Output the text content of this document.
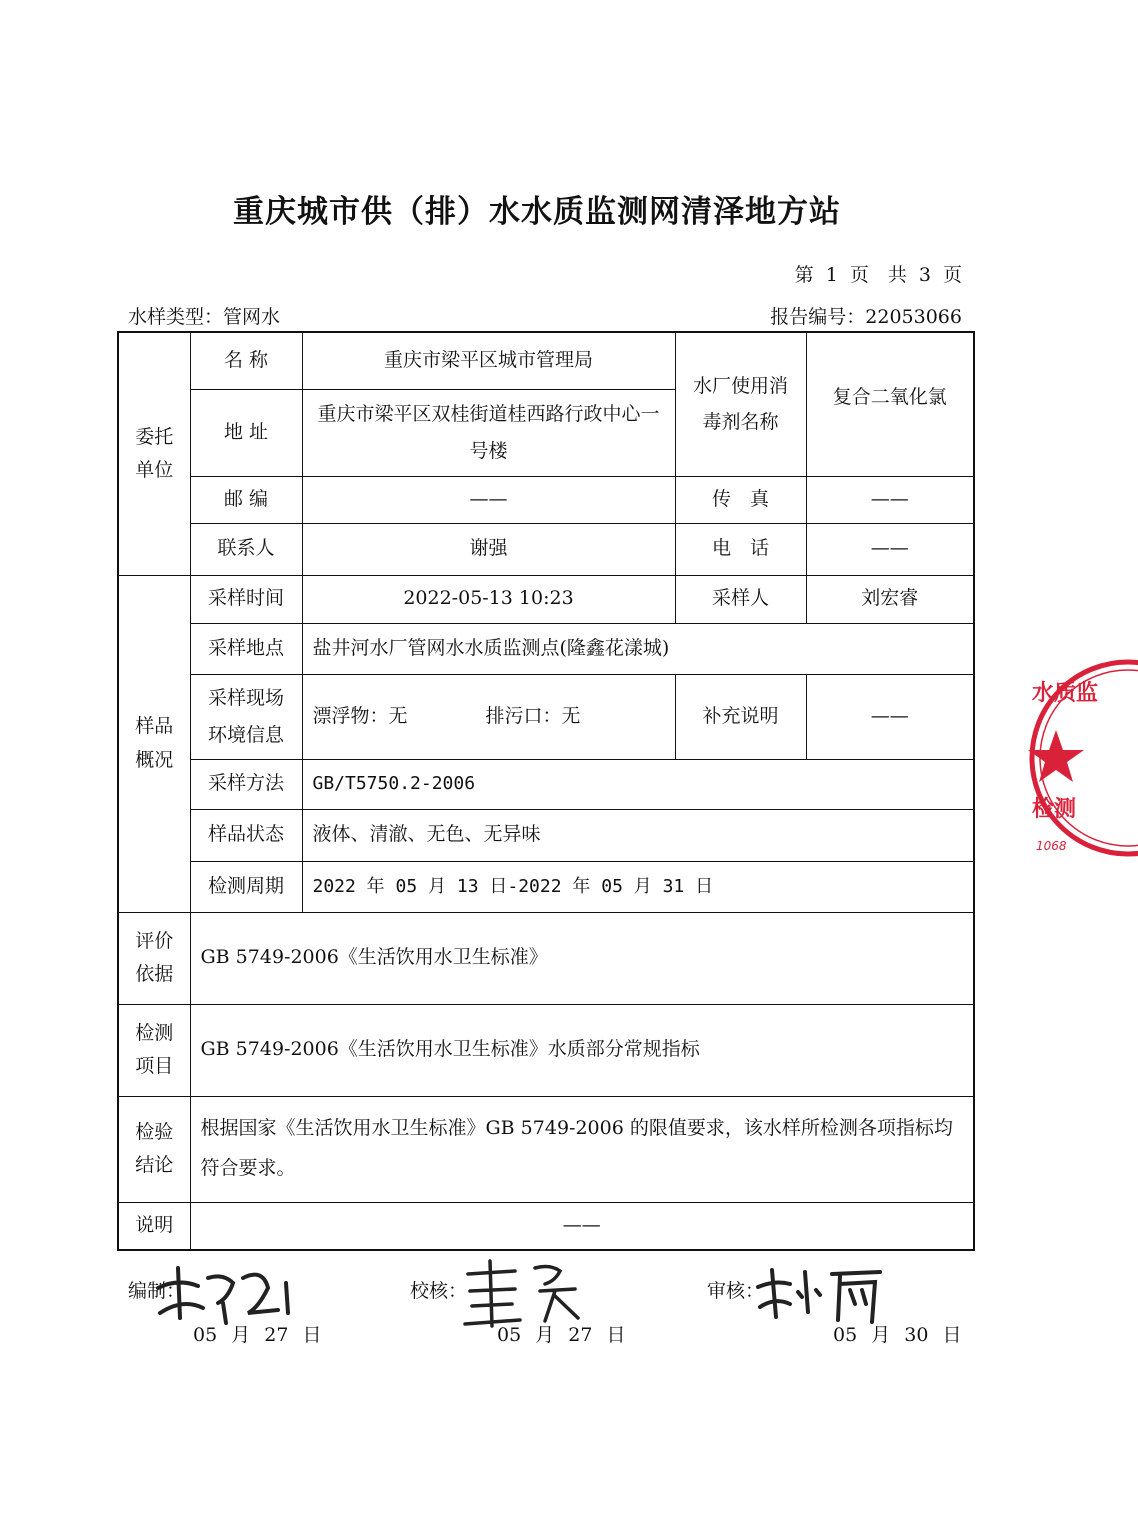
重庆城市供（排）水水质监测网清泽地方站
第 1 页　共 3 页
水样类型：管网水	报告编号：22053066
委托单位	名 称	重庆市梁平区城市管理局	水厂使用消毒剂名称	复合二氧化氯
	地 址	重庆市梁平区双桂街道桂西路行政中心一号楼		
	邮 编	——	传　真	——
	联系人	谢强	电　话	——

样品概况	采样时间	2022-05-13 10:23	采样人	刘宏睿
	采样地点	盐井河水厂管网水水质监测点(隆鑫花漾城)		

	采样现场环境信息	漂浮物：无 排污口：无	补充说明	——
	采样方法	GB/T5750.2-2006		
	样品状态	液体、清澈、无色、无异味		
	检测周期	2022 年 05 月 13 日-2022 年 05 月 31 日		

评价依据	GB 5749-2006《生活饮用水卫生标准》			

检测项目	GB 5749-2006《生活饮用水卫生标准》水质部分常规指标			

检验结论	根据国家《生活饮用水卫生标准》GB 5749-2006 的限值要求，该水样所检测各项指标均符合要求。			
说明	——			
编制：
05 月 27 日
校核：
05 月 27 日
审核：
05 月 30 日
水质监
检测
1068
